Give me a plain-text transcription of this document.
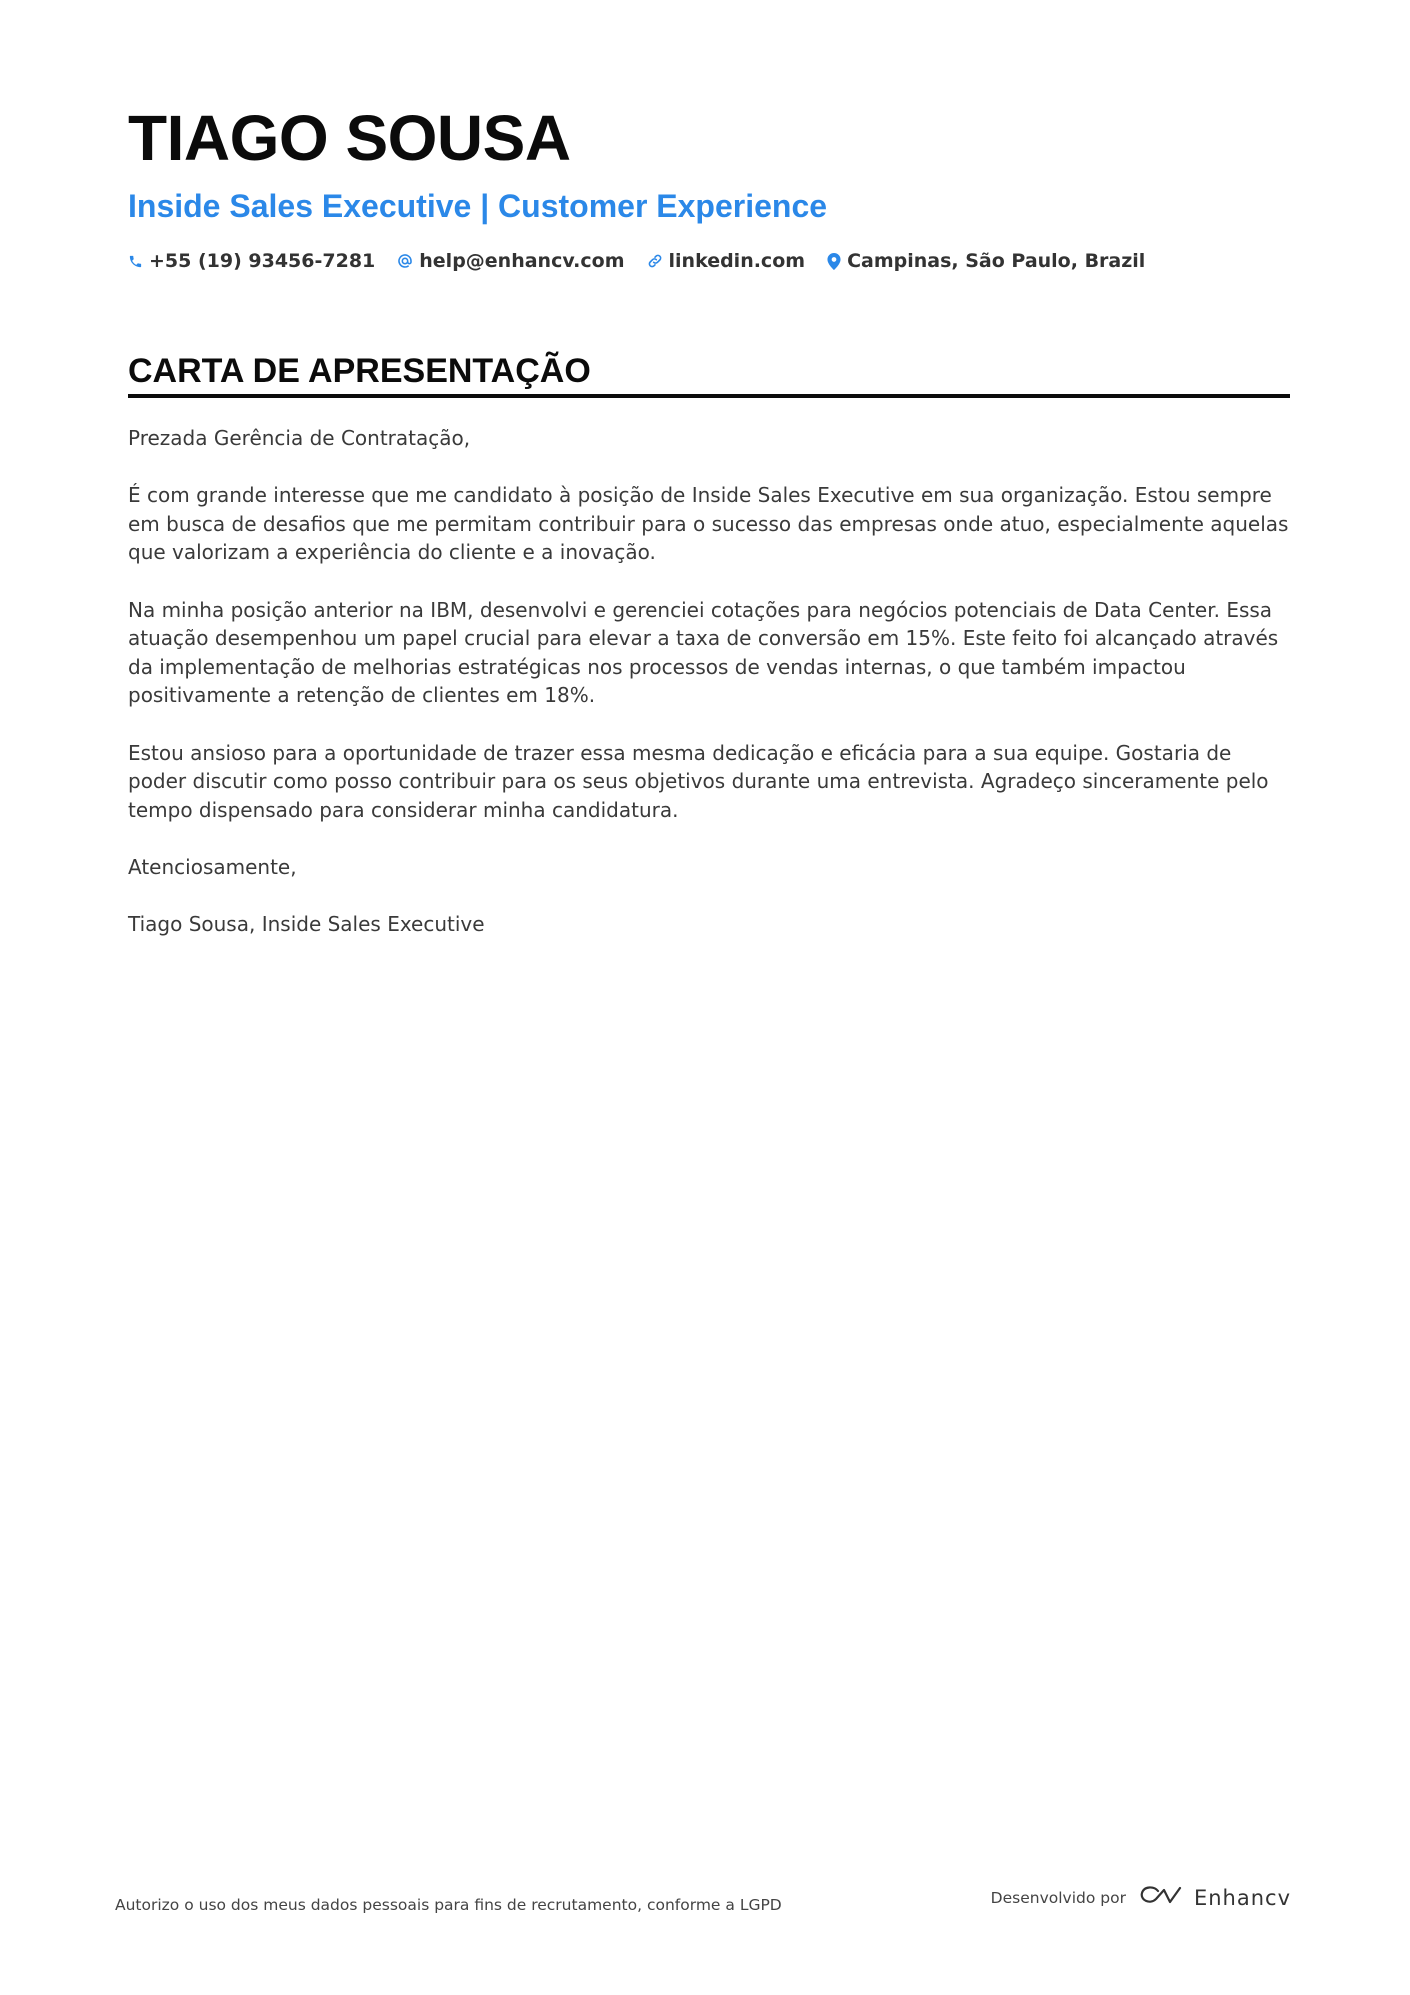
TIAGO SOUSA
Inside Sales Executive | Customer Experience
+55 (19) 93456-7281 help@enhancv.com linkedin.com Campinas, São Paulo, Brazil
CARTA DE APRESENTAÇÃO

Prezada Gerência de Contratação,

É com grande interesse que me candidato à posição de Inside Sales Executive em sua organização. Estou sempre em busca de desafios que me permitam contribuir para o sucesso das empresas onde atuo, especialmente aquelas que valorizam a experiência do cliente e a inovação.

Na minha posição anterior na IBM, desenvolvi e gerenciei cotações para negócios potenciais de Data Center. Essa atuação desempenhou um papel crucial para elevar a taxa de conversão em 15%. Este feito foi alcançado através da implementação de melhorias estratégicas nos processos de vendas internas, o que também impactou positivamente a retenção de clientes em 18%.

Estou ansioso para a oportunidade de trazer essa mesma dedicação e eficácia para a sua equipe. Gostaria de poder discutir como posso contribuir para os seus objetivos durante uma entrevista. Agradeço sinceramente pelo tempo dispensado para considerar minha candidatura.

Atenciosamente,

Tiago Sousa, Inside Sales Executive

Autorizo o uso dos meus dados pessoais para fins de recrutamento, conforme a LGPD	Desenvolvido por	Enhancv
